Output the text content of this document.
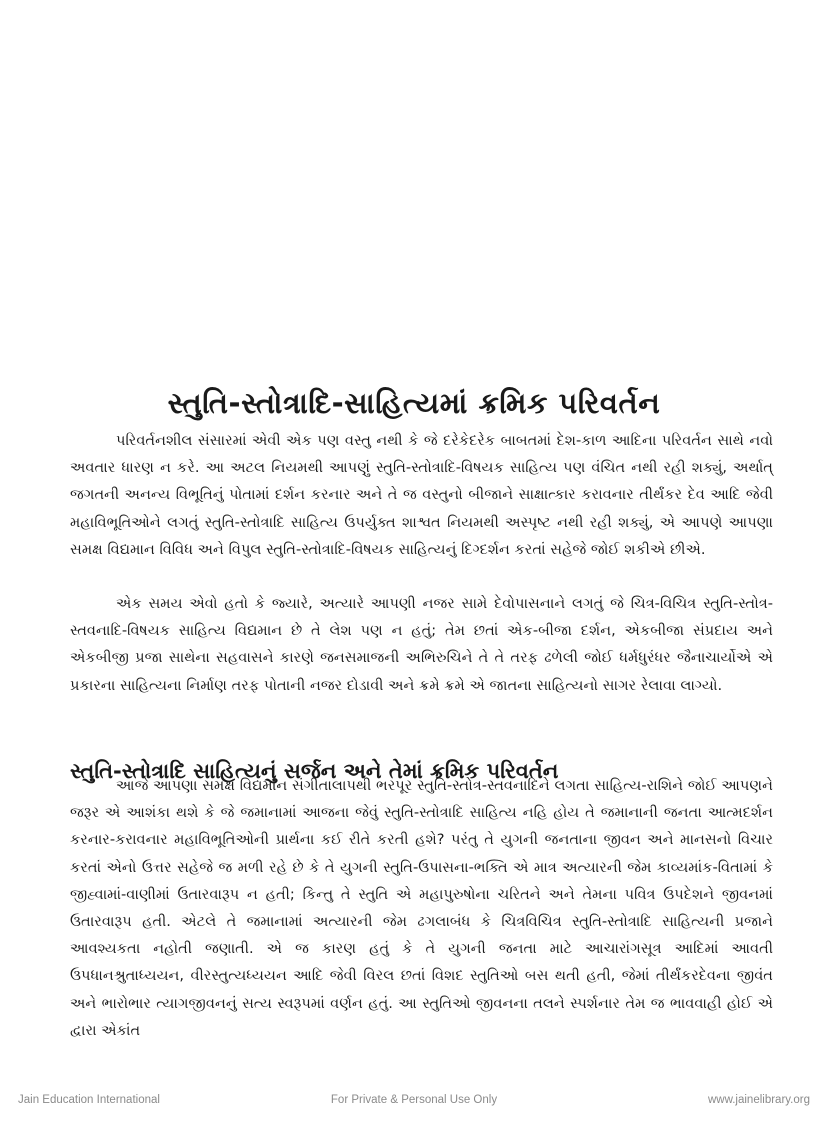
સ્તુતિ-સ્તોત્રાદિ-સાહિત્યમાં ક્રમિક પરિવર્તન

પરિવર્તનશીલ સંસારમાં એવી એક પણ વસ્તુ નથી કે જે દરેકેદરેક બાબતમાં દેશ-કાળ આદિના પરિવર્તન સાથે નવો અવતાર ધારણ ન કરે. આ અટલ નિયમથી આપણું સ્તુતિ-સ્તોત્રાદિ-વિષયક સાહિત્ય પણ વંચિત નથી રહી શક્યું, અર્થાત્ જગતની અનન્ય વિભૂતિનું પોતામાં દર્શન કરનાર અને તે જ વસ્તુનો બીજાને સાક્ષાત્કાર કરાવનાર તીર્થંકર દેવ આદિ જેવી મહાવિભૂતિઓને લગતું સ્તુતિ-સ્તોત્રાદિ સાહિત્ય ઉપર્યુક્ત શાશ્વત નિયમથી અસ્પૃષ્ટ નથી રહી શક્યું, એ આપણે આપણા સમક્ષ વિદ્યમાન વિવિધ અને વિપુલ સ્તુતિ-સ્તોત્રાદિ-વિષયક સાહિત્યનું દિગ્દર્શન કરતાં સહેજે જોઈ શકીએ છીએ.

એક સમય એવો હતો કે જ્યારે, અત્યારે આપણી નજર સામે દેવોપાસનાને લગતું જે ચિત્ર-વિચિત્ર સ્તુતિ-સ્તોત્ર-સ્તવનાદિ-વિષયક સાહિત્ય વિદ્યમાન છે તે લેશ પણ ન હતું; તેમ છતાં એક-બીજા દર્શન, એકબીજા સંપ્રદાય અને એકબીજી પ્રજા સાથેના સહવાસને કારણે જનસમાજની અભિરુચિને તે તે તરફ ઢળેલી જોઈ ધર્મધુરંધર જૈનાચાર્યોએ એ પ્રકારના સાહિત્યના નિર્માણ તરફ પોતાની નજર દોડાવી અને ક્રમે ક્રમે એ જાતના સાહિત્યનો સાગર રેલાવા લાગ્યો.

સ્તુતિ-સ્તોત્રાદિ સાહિત્યનું સર્જન અને તેમાં ક્રમિક પરિવર્તન

આજે આપણા સમક્ષ વિદ્યમાન સંગીતાલાપથી ભરપૂર સ્તુતિ-સ્તોત્ર-સ્તવનાદિને લગતા સાહિત્ય-રાશિને જોઈ આપણને જરૂર એ આશંકા થશે કે જે જમાનામાં આજના જેવું સ્તુતિ-સ્તોત્રાદિ સાહિત્ય નહિ હોય તે જમાનાની જનતા આત્મદર્શન કરનાર-કરાવનાર મહાવિભૂતિઓની પ્રાર્થના કઈ રીતે કરતી હશે? પરંતુ તે યુગની જનતાના જીવન અને માનસનો વિચાર કરતાં એનો ઉત્તર સહેજે જ મળી રહે છે કે તે યુગની સ્તુતિ-ઉપાસના-ભક્તિ એ માત્ર અત્યારની જેમ કાવ્યમાંક-વિતામાં કે જીહ્વામાં-વાણીમાં ઉતારવારૂપ ન હતી; કિન્તુ તે સ્તુતિ એ મહાપુરુષોના ચરિતને અને તેમના પવિત્ર ઉપદેશને જીવનમાં ઉતારવારૂપ હતી. એટલે તે જમાનામાં અત્યારની જેમ ઢગલાબંધ કે ચિત્રવિચિત્ર સ્તુતિ-સ્તોત્રાદિ સાહિત્યની પ્રજાને આવશ્યકતા નહોતી જણાતી. એ જ કારણ હતું કે તે યુગની જનતા માટે આચારાંગસૂત્ર આદિમાં આવતી ઉપધાનશ્રુતાધ્યયન, વીરસ્તુત્યધ્યયન આદિ જેવી વિરલ છતાં વિશદ સ્તુતિઓ બસ થતી હતી, જેમાં તીર્થંકરદેવના જીવંત અને ભારોભાર ત્યાગજીવનનું સત્ય સ્વરૂપમાં વર્ણન હતું. આ સ્તુતિઓ જીવનના તલને સ્પર્શનાર તેમ જ ભાવવાહી હોઈ એ દ્વારા એકાંત

Jain Education International	For Private & Personal Use Only	www.jainelibrary.org
